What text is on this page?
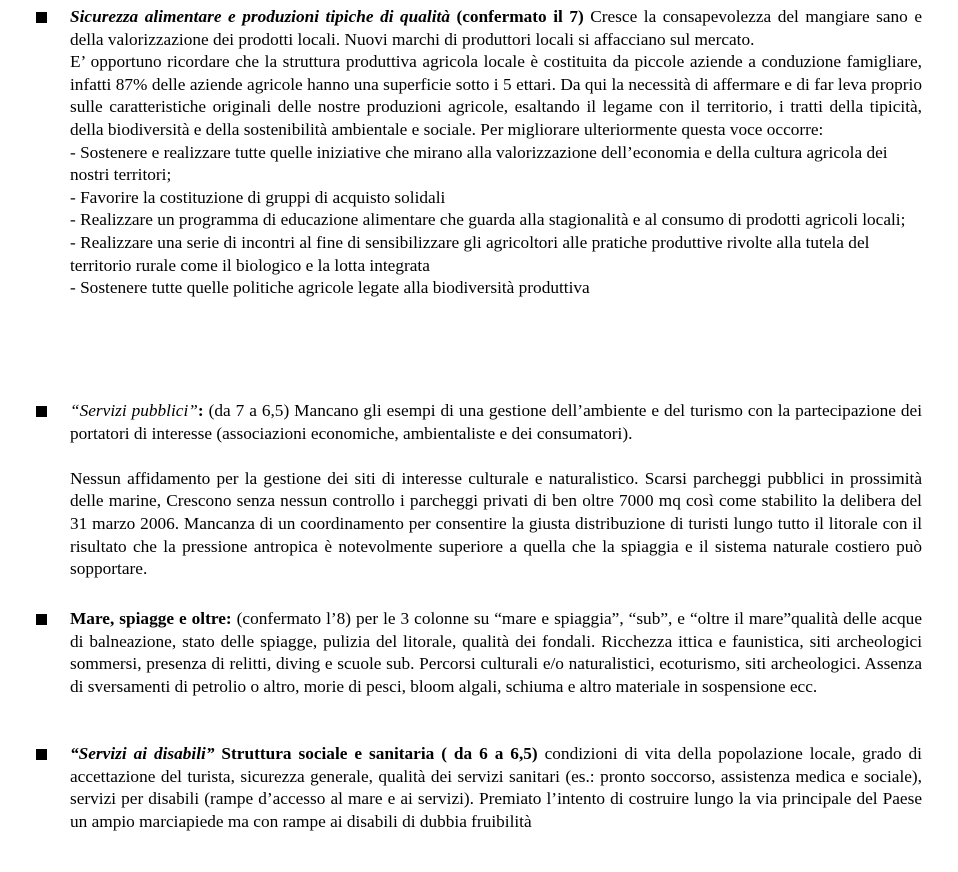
Sicurezza alimentare e produzioni tipiche di qualità (confermato il 7) Cresce la consapevolezza del mangiare sano e della valorizzazione dei prodotti locali. Nuovi marchi di produttori locali si affacciano sul mercato.

E’ opportuno ricordare che la struttura produttiva agricola locale è costituita da piccole aziende a conduzione famigliare, infatti 87% delle aziende agricole hanno una superficie sotto i 5 ettari. Da qui la necessità di affermare e di far leva proprio sulle caratteristiche originali delle nostre produzioni agricole, esaltando il legame con il territorio, i tratti della tipicità, della biodiversità e della sostenibilità ambientale e sociale. Per migliorare ulteriormente questa voce occorre:

- Sostenere e realizzare tutte quelle iniziative che mirano alla valorizzazione dell’economia e della cultura agricola dei nostri territori;

- Favorire la costituzione di gruppi di acquisto solidali

- Realizzare un programma di educazione alimentare che guarda alla stagionalità e al consumo di prodotti agricoli locali;

- Realizzare una serie di incontri al fine di sensibilizzare gli agricoltori alle pratiche produttive rivolte alla tutela del territorio rurale come il biologico e la lotta integrata

- Sostenere tutte quelle politiche agricole legate alla biodiversità produttiva

“Servizi pubblici”: (da 7 a 6,5) Mancano gli esempi di una gestione dell’ambiente e del turismo con la partecipazione dei portatori di interesse (associazioni economiche, ambientaliste e dei consumatori).

Nessun affidamento per la gestione dei siti di interesse culturale e naturalistico. Scarsi parcheggi pubblici in prossimità delle marine, Crescono senza nessun controllo i parcheggi privati di ben oltre 7000 mq così come stabilito la delibera del 31 marzo 2006. Mancanza di un coordinamento per consentire la giusta distribuzione di turisti lungo tutto il litorale con il risultato che la pressione antropica è notevolmente superiore a quella che la spiaggia e il sistema naturale costiero può sopportare.

Mare, spiagge e oltre: (confermato l’8) per le 3 colonne su “mare e spiaggia”, “sub”, e “oltre il mare”qualità delle acque di balneazione, stato delle spiagge, pulizia del litorale, qualità dei fondali. Ricchezza ittica e faunistica, siti archeologici sommersi, presenza di relitti, diving e scuole sub. Percorsi culturali e/o naturalistici, ecoturismo, siti archeologici. Assenza di sversamenti di petrolio o altro, morie di pesci, bloom algali, schiuma e altro materiale in sospensione ecc.

“Servizi ai disabili” Struttura sociale e sanitaria ( da 6 a 6,5) condizioni di vita della popolazione locale, grado di accettazione del turista, sicurezza generale, qualità dei servizi sanitari (es.: pronto soccorso, assistenza medica e sociale), servizi per disabili (rampe d’accesso al mare e ai servizi). Premiato l’intento di costruire lungo la via principale del Paese un ampio marciapiede ma con rampe ai disabili di dubbia fruibilità
